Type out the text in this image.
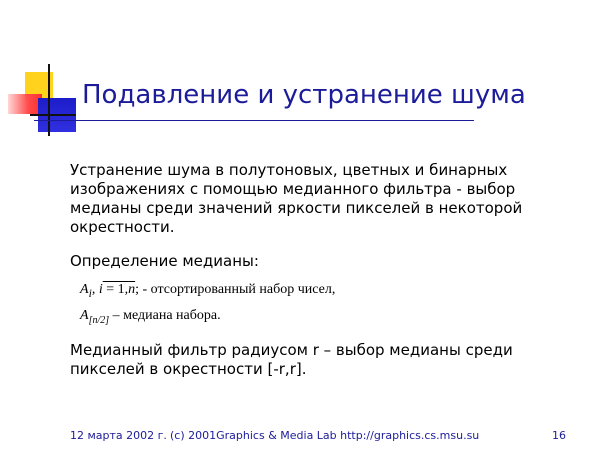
Подавление и устранение шума
Устранение шума в полутоновых, цветных и бинарных изображениях с помощью медианного фильтра - выбор медианы среди значений яркости пикселей в некоторой окрестности.
Определение медианы:
$A_i$, $i = 1,\overline{n}$; - отсортированный набор чисел,
$A_{[n/2]}$ – медиана набора.
Медианный фильтр радиусом r – выбор медианы среди пикселей в окрестности [-r,r].
12 марта 2002 г. (c) 2001Graphics & Media Lab http://graphics.cs.msu.su	16
